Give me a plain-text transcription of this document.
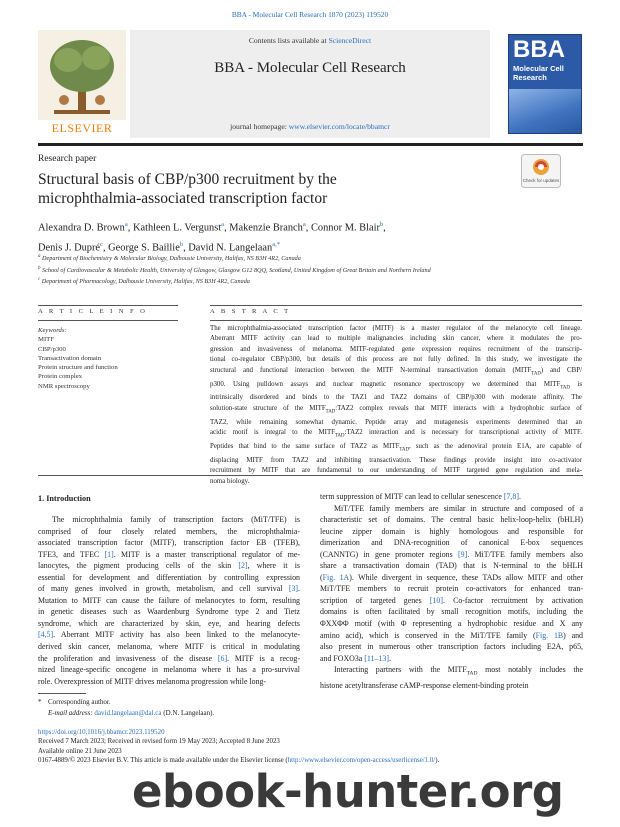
BBA - Molecular Cell Research 1870 (2023) 119520
ELSEVIER
Contents lists available at ScienceDirect
BBA - Molecular Cell Research
journal homepage: www.elsevier.com/locate/bbamcr
BBA
Molecular Cell Research
Research paper
Structural basis of CBP/p300 recruitment by the
microphthalmia-associated transcription factor
Check for updates
Alexandra D. Brown$^a$, Kathleen L. Vergunst$^a$, Makenzie Branch$^a$, Connor M. Blair$^b$,
Denis J. Dupré$^c$, George S. Baillie$^b$, David N. Langelaan$^{a,*}$
$^a$ Department of Biochemistry & Molecular Biology, Dalhousie University, Halifax, NS B3H 4R2, Canada
$^b$ School of Cardiovascular & Metabolic Health, University of Glasgow, Glasgow G12 8QQ, Scotland, United Kingdom of Great Britain and Northern Ireland
$^c$ Department of Pharmacology, Dalhousie University, Halifax, NS B3H 4R2, Canada
A R T I C L E I N F O	A B S T R A C T
Keywords:
MITF
CBP/p300
Transactivation domain
Protein structure and function
Protein complex
NMR spectroscopy
The microphthalmia-associated transcription factor (MITF) is a master regulator of the melanocyte cell lineage.
Aberrant MITF activity can lead to multiple malignancies including skin cancer, where it modulates the pro-
gression and invasiveness of melanoma. MITF-regulated gene expression requires recruitment of the transcrip-
tional co-regulator CBP/p300, but details of this process are not fully defined. In this study, we investigate the
structural and functional interaction between the MITF N-terminal transactivation domain $(MITF_{TAD})$ and CBP/
p300. Using pulldown assays and nuclear magnetic resonance spectroscopy we determined that $MITF_{TAD}$ is
intrinsically disordered and binds to the TAZ1 and TAZ2 domains of CBP/p300 with moderate affinity. The
solution-state structure of the $MITF_{TAD}:TAZ2$ complex reveals that MITF interacts with a hydrophobic surface of
TAZ2, while remaining somewhat dynamic. Peptide array and mutagenesis experiments determined that an
acidic motif is integral to the $MITF_{TAD}:TAZ2$ interaction and is necessary for transcriptional activity of MITF.
Peptides that bind to the same surface of TAZ2 as $MITF_{TAD}$, such as the adenoviral protein E1A, are capable of
displacing MITF from TAZ2 and inhibiting transactivation. These findings provide insight into co-activator
recruitment by MITF that are fundamental to our understanding of MITF targeted gene regulation and mela-
noma biology.
1. Introduction
The microphthalmia family of transcription factors (MiT/TFE) is
comprised of four closely related members, the microphthalmia-
associated transcription factor (MITF), transcription factor EB (TFEB),
TFE3, and TFEC [1]. MITF is a master transcriptional regulator of me-
lanocytes, the pigment producing cells of the skin [2], where it is
essential for development and differentiation by controlling expression
of many genes involved in growth, metabolism, and cell survival [3].
Mutation to MITF can cause the failure of melanocytes to form, resulting
in genetic diseases such as Waardenburg Syndrome type 2 and Tietz
syndrome, which are characterized by skin, eye, and hearing defects
[4,5]. Aberrant MITF activity has also been linked to the melanocyte-
derived skin cancer, melanoma, where MITF is critical in modulating
the proliferation and invasiveness of the disease [6]. MITF is a recog-
nized lineage-specific oncogene in melanoma where it has a pro-survival
role. Overexpression of MITF drives melanoma progression while long-
term suppression of MITF can lead to cellular senescence [7,8].
MiT/TFE family members are similar in structure and composed of a
characteristic set of domains. The central basic helix-loop-helix (bHLH)
leucine zipper domain is highly homologous and responsible for
dimerization and DNA-recognition of canonical E-box sequences
(CANNTG) in gene promoter regions [9]. MiT/TFE family members also
share a transactivation domain (TAD) that is N-terminal to the bHLH
(Fig. 1A). While divergent in sequence, these TADs allow MITF and other
MiT/TFE members to recruit protein co-activators for enhanced tran-
scription of targeted genes [10]. Co-factor recruitment by activation
domains is often facilitated by small recognition motifs, including the
ΦXXΦΦ motif (with Φ representing a hydrophobic residue and X any
amino acid), which is conserved in the MiT/TFE family (Fig. 1B) and
also present in numerous other transcription factors including E2A, p65,
and FOXO3a [11–13].
Interacting partners with the $MITF_{TAD}$ most notably includes the
histone acetyltransferase cAMP-response element-binding protein
* Corresponding author.
E-mail address: david.langelaan@dal.ca (D.N. Langelaan).
https://doi.org/10.1016/j.bbamcr.2023.119520
Received 7 March 2023; Received in revised form 19 May 2023; Accepted 8 June 2023
Available online 21 June 2023
0167-4889/© 2023 Elsevier B.V. This article is made available under the Elsevier license (http://www.elsevier.com/open-access/userlicense/1.0/).
ebook-hunter.org
